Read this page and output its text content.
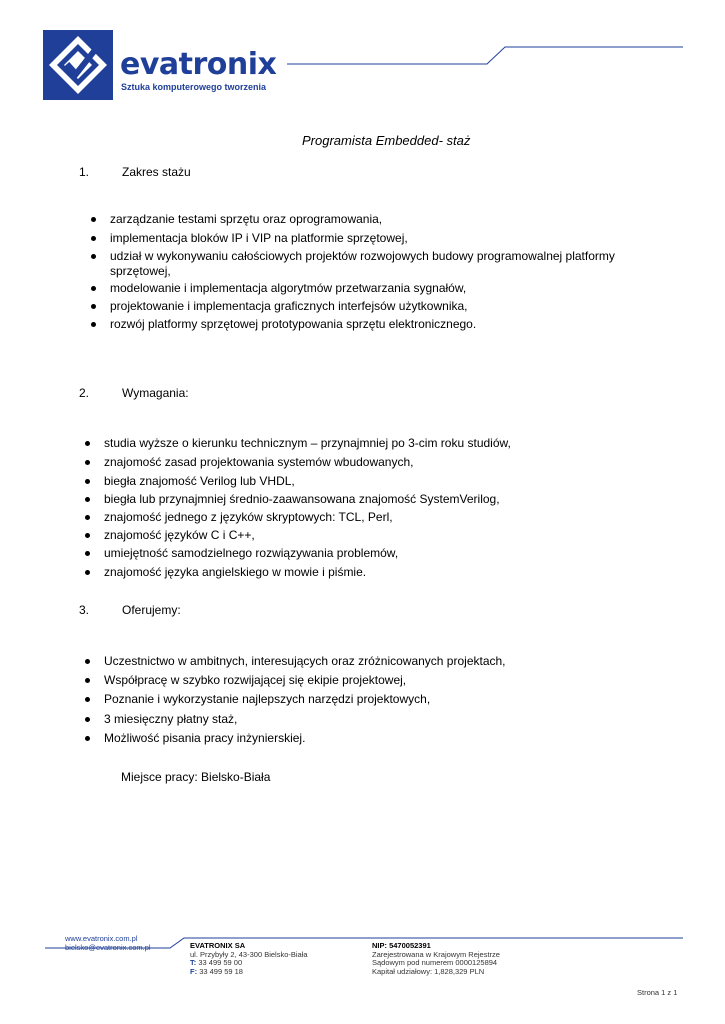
evatronix
Sztuka komputerowego tworzenia
Programista Embedded- staż
1.	Zakres stażu
zarządzanie testami sprzętu oraz oprogramowania,
implementacja bloków IP i VIP na platformie sprzętowej,
udział w wykonywaniu całościowych projektów rozwojowych budowy programowalnej platformy
sprzętowej,
modelowanie i implementacja algorytmów przetwarzania sygnałów,
projektowanie i implementacja graficznych interfejsów użytkownika,
rozwój platformy sprzętowej prototypowania sprzętu elektronicznego.
2.	Wymagania:
studia wyższe o kierunku technicznym – przynajmniej po 3-cim roku studiów,
znajomość zasad projektowania systemów wbudowanych,
biegła znajomość Verilog lub VHDL,
biegła lub przynajmniej średnio-zaawansowana znajomość SystemVerilog,
znajomość jednego z języków skryptowych: TCL, Perl,
znajomość języków C i C++,
umiejętność samodzielnego rozwiązywania problemów,
znajomość języka angielskiego w mowie i piśmie.
3.	Oferujemy:
Uczestnictwo w ambitnych, interesujących oraz zróżnicowanych projektach,
Współpracę w szybko rozwijającej się ekipie projektowej,
Poznanie i wykorzystanie najlepszych narzędzi projektowych,
3 miesięczny płatny staż,
Możliwość pisania pracy inżynierskiej.
Miejsce pracy: Bielsko-Biała
www.evatronix.com.pl
bielsko@evatronix.com.pl	EVATRONIX SA
ul. Przybyły 2, 43-300 Bielsko-Biała
T: 33 499 59 00
F: 33 499 59 18
NIP: 5470052391
Zarejestrowana w Krajowym Rejestrze
Sądowym pod numerem 0000125894
Kapitał udziałowy: 1,828,329 PLN
Strona 1 z 1
